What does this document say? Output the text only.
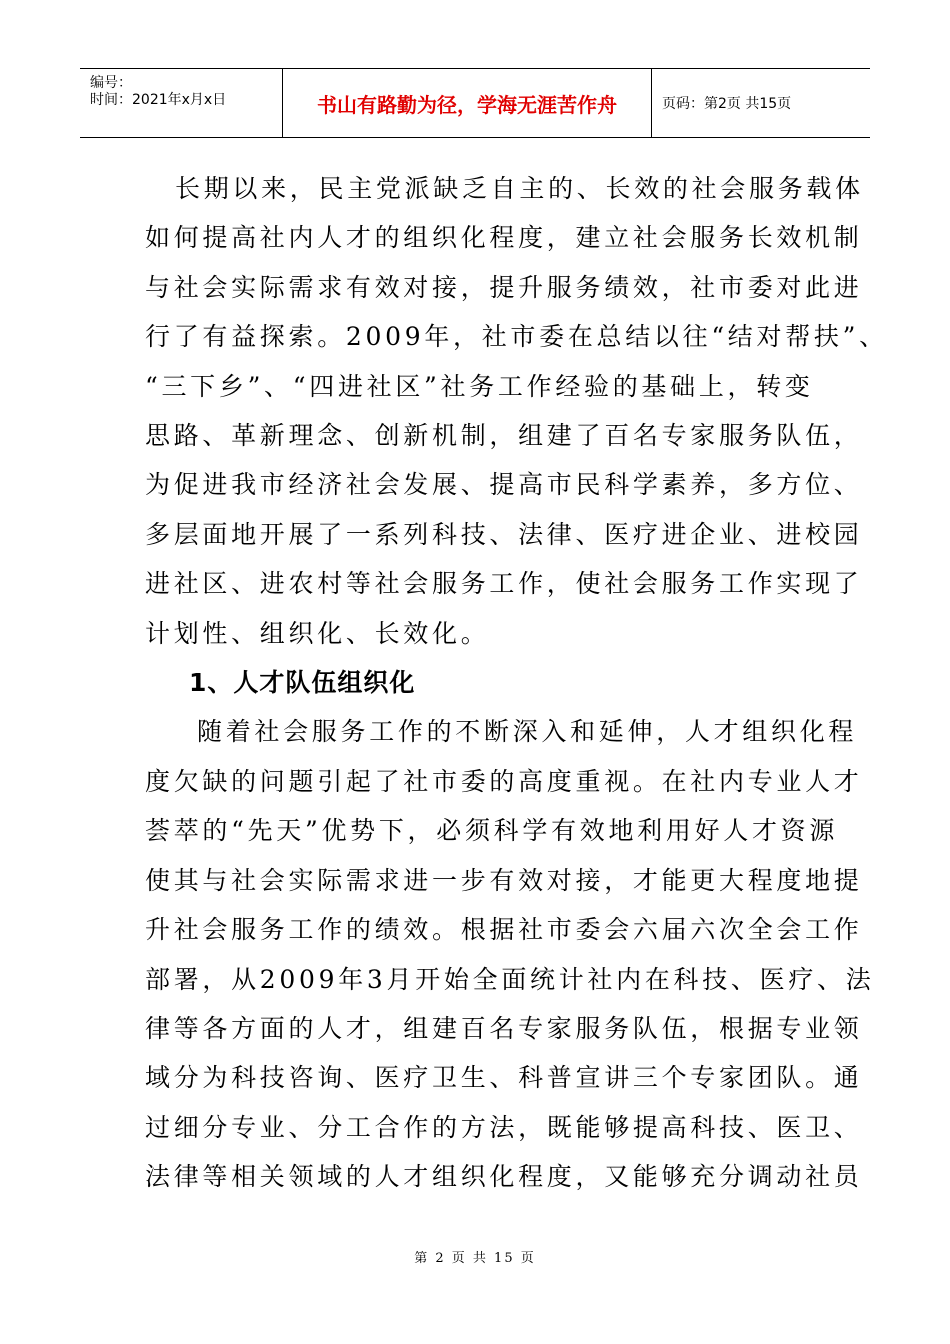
编号：
时间：2021年x月x日	书山有路勤为径，学海无涯苦作舟	页码：第2页 共15页

长期以来，民主党派缺乏自主的、长效的社会服务载体

如何提高社内人才的组织化程度，建立社会服务长效机制

与社会实际需求有效对接，提升服务绩效，社市委对此进

行了有益探索。2009年，社市委在总结以往“结对帮扶”、

“三下乡”、“四进社区”社务工作经验的基础上，转变

思路、革新理念、创新机制，组建了百名专家服务队伍，

为促进我市经济社会发展、提高市民科学素养，多方位、

多层面地开展了一系列科技、法律、医疗进企业、进校园

进社区、进农村等社会服务工作，使社会服务工作实现了

计划性、组织化、长效化。

1、人才队伍组织化

随着社会服务工作的不断深入和延伸，人才组织化程

度欠缺的问题引起了社市委的高度重视。在社内专业人才

荟萃的“先天”优势下，必须科学有效地利用好人才资源

使其与社会实际需求进一步有效对接，才能更大程度地提

升社会服务工作的绩效。根据社市委会六届六次全会工作

部署，从2009年3月开始全面统计社内在科技、医疗、法

律等各方面的人才，组建百名专家服务队伍，根据专业领

域分为科技咨询、医疗卫生、科普宣讲三个专家团队。通

过细分专业、分工合作的方法，既能够提高科技、医卫、

法律等相关领域的人才组织化程度，又能够充分调动社员

第 2 页 共 15 页
